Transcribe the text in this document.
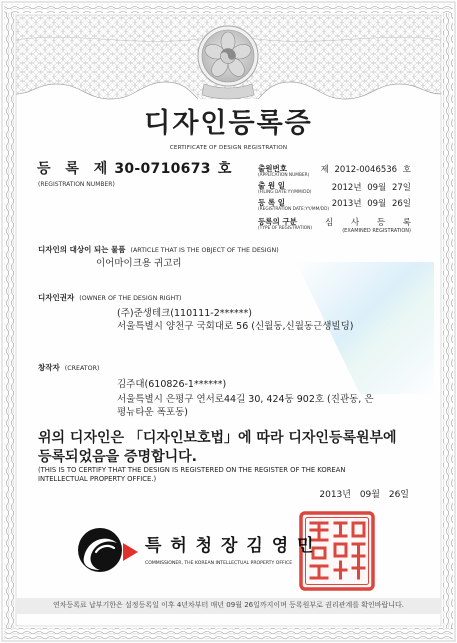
디자인등록증
CERTIFICATE OF DESIGN REGISTRATION
등 록 제 30-0710673 호
(REGISTRATION NUMBER)
출원번호
(APPLICATION NUMBER)
제 2012-0046536 호
출 원 일
(FILING DATE:YY/MM/DD) 2012년 09월 27일
등 록 일
(REGISTRATION DATE:YY/MM/DD)
2013년 09월 26일
등록의 구분
(TYPE OF REGISTRATION)
심 사 등 록
(EXAMINED REGISTRATION)
디자인의 대상이 되는 물품 (ARTICLE THAT IS THE OBJECT OF THE DESIGN)
이어마이크용 귀고리
디자인권자 (OWNER OF THE DESIGN RIGHT)
(주)준생테크(110111-2******)
서울특별시 양천구 국회대로 56 (신월동,신월동근생빌딩)
창작자 (CREATOR)
김주대(610826-1******)
서울특별시 은평구 연서로44길 30, 424동 902호 (진관동, 은
평뉴타운 폭포동)
위의 디자인은 「디자인보호법」에 따라 디자인등록원부에
등록되었음을 증명합니다.
(THIS IS TO CERTIFY THAT THE DESIGN IS REGISTERED ON THE REGISTER OF THE KOREAN
INTELLECTUAL PROPERTY OFFICE.)
2013년 09월 26일
특 허 청 장 김 영 민
COMMISSIONER, THE KOREAN INTELLECTUAL PROPERTY OFFICE
연차등록료 납부기한은 설정등록일 이후 4년차부터 매년 09월 26일까지이며 등록원부로 권리관계를 확인바랍니다.
